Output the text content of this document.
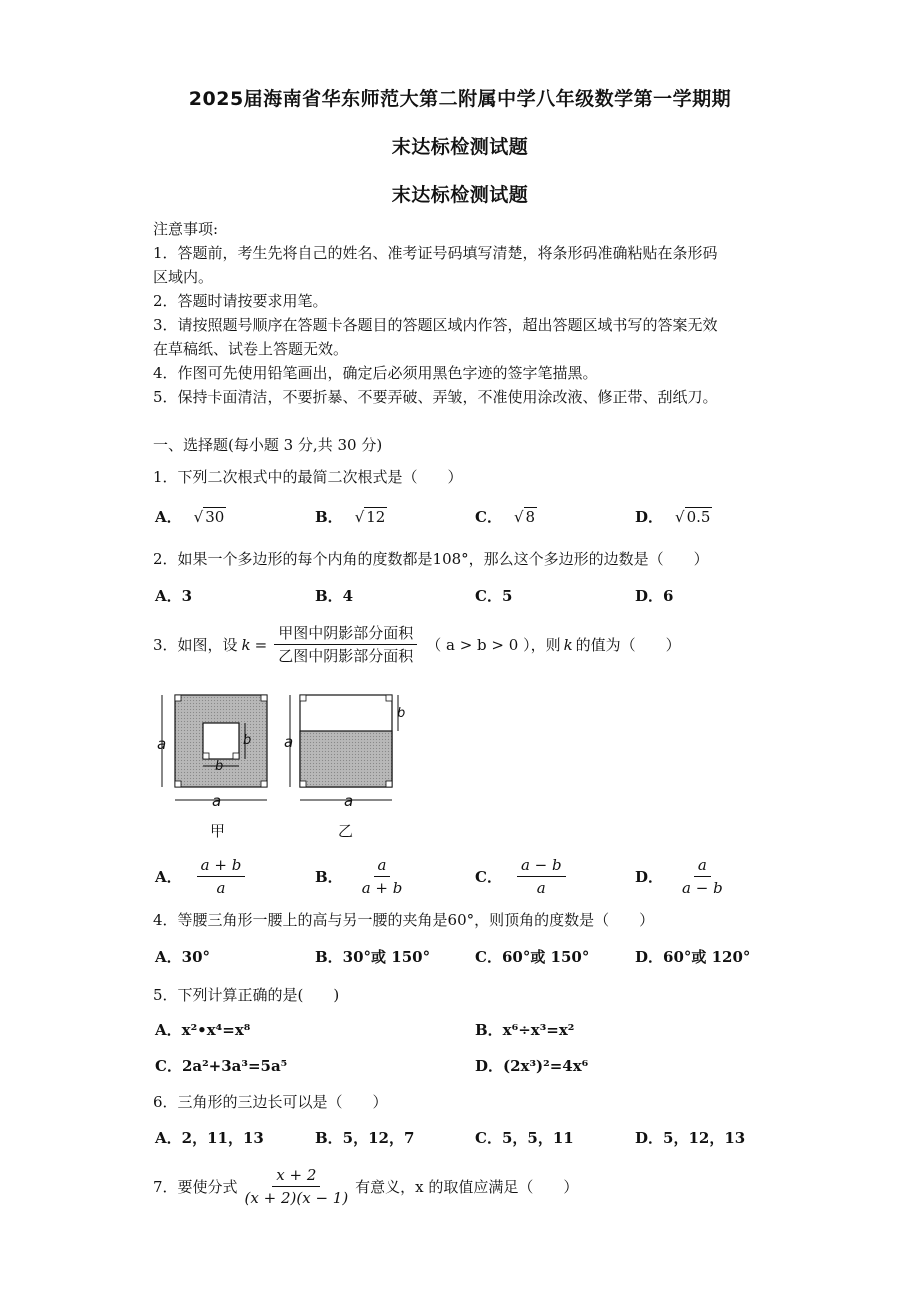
2025届海南省华东师范大第二附属中学八年级数学第一学期期
末达标检测试题
末达标检测试题
注意事项:
1．答题前，考生先将自己的姓名、准考证号码填写清楚，将条形码准确粘贴在条形码
区域内。
2．答题时请按要求用笔。
3．请按照题号顺序在答题卡各题目的答题区域内作答，超出答题区域书写的答案无效
在草稿纸、试卷上答题无效。
4．作图可先使用铅笔画出，确定后必须用黑色字迹的签字笔描黑。
5．保持卡面清洁，不要折暴、不要弄破、弄皱，不准使用涂改液、修正带、刮纸刀。
一、选择题(每小题 3 分,共 30 分)
1．下列二次根式中的最简二次根式是（　　）
A． √ 30	B． √ 12	C． √ 8	D． √ 0.5
2．如果一个多边形的每个内角的度数都是108°，那么这个多边形的边数是（　　）
A．3	B．4	C．5	D．6
3．如图，设 $k = \frac{\text{甲图中阴影部分面积}}{\text{乙图中阴影部分面积}}$ （ a > b > 0 ），则 k 的值为（　　）
a
a
b
b a
a
b
甲	乙
A． $\frac{a + b}{a}$	B． $\frac{a}{a + b}$	C． $\frac{a - b}{a}$	D． $\frac{a}{a - b}$
4．等腰三角形一腰上的高与另一腰的夹角是60°，则顶角的度数是（　　）
A．30°	B．30°或 150°	C．60°或 150°	D．60°或 120°
5．下列计算正确的是(　　)
A．x²•x⁴=x⁸	B．x⁶÷x³=x²
C．2a²+3a³=5a⁵	D．(2x³)²=4x⁶
6．三角形的三边长可以是（　　）
A．2，11，13	B．5，12，7	C．5，5，11	D．5，12，13
7．要使分式 $\frac{x + 2}{(x + 2)(x - 1)}$ 有意义，x 的取值应满足（　　）
